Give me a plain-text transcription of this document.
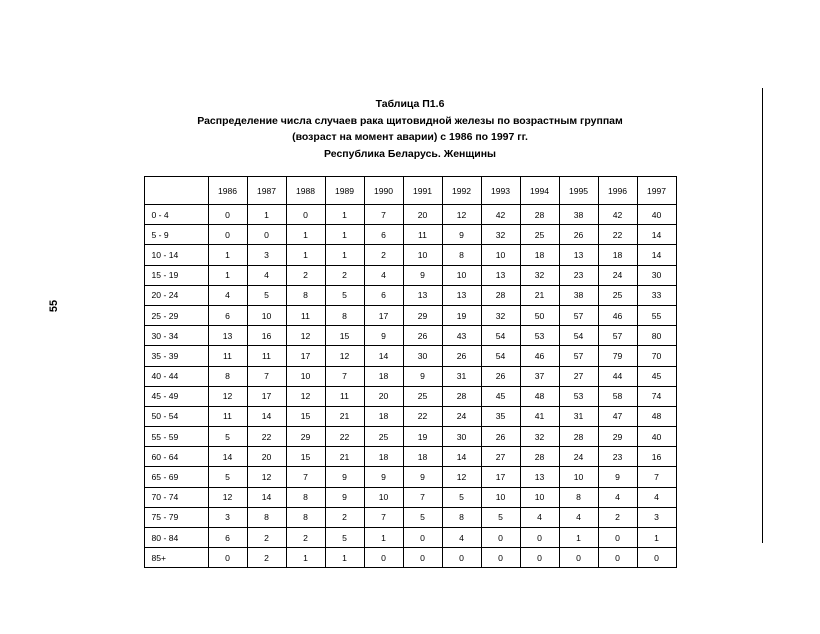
55
Таблица П1.6
Распределение числа случаев рака щитовидной железы по возрастным группам
(возраст на момент аварии) с 1986 по 1997 гг.
Республика Беларусь. Женщины
	1986	1987	1988	1989	1990	1991	1992	1993	1994	1995	1996	1997
0 - 4	0	1	0	1	7	20	12	42	28	38	42	40
5 - 9	0	0	1	1	6	11	9	32	25	26	22	14
10 - 14	1	3	1	1	2	10	8	10	18	13	18	14
15 - 19	1	4	2	2	4	9	10	13	32	23	24	30
20 - 24	4	5	8	5	6	13	13	28	21	38	25	33
25 - 29	6	10	11	8	17	29	19	32	50	57	46	55
30 - 34	13	16	12	15	9	26	43	54	53	54	57	80
35 - 39	11	11	17	12	14	30	26	54	46	57	79	70
40 - 44	8	7	10	7	18	9	31	26	37	27	44	45
45 - 49	12	17	12	11	20	25	28	45	48	53	58	74
50 - 54	11	14	15	21	18	22	24	35	41	31	47	48
55 - 59	5	22	29	22	25	19	30	26	32	28	29	40
60 - 64	14	20	15	21	18	18	14	27	28	24	23	16
65 - 69	5	12	7	9	9	9	12	17	13	10	9	7
70 - 74	12	14	8	9	10	7	5	10	10	8	4	4
75 - 79	3	8	8	2	7	5	8	5	4	4	2	3
80 - 84	6	2	2	5	1	0	4	0	0	1	0	1
85+	0	2	1	1	0	0	0	0	0	0	0	0
